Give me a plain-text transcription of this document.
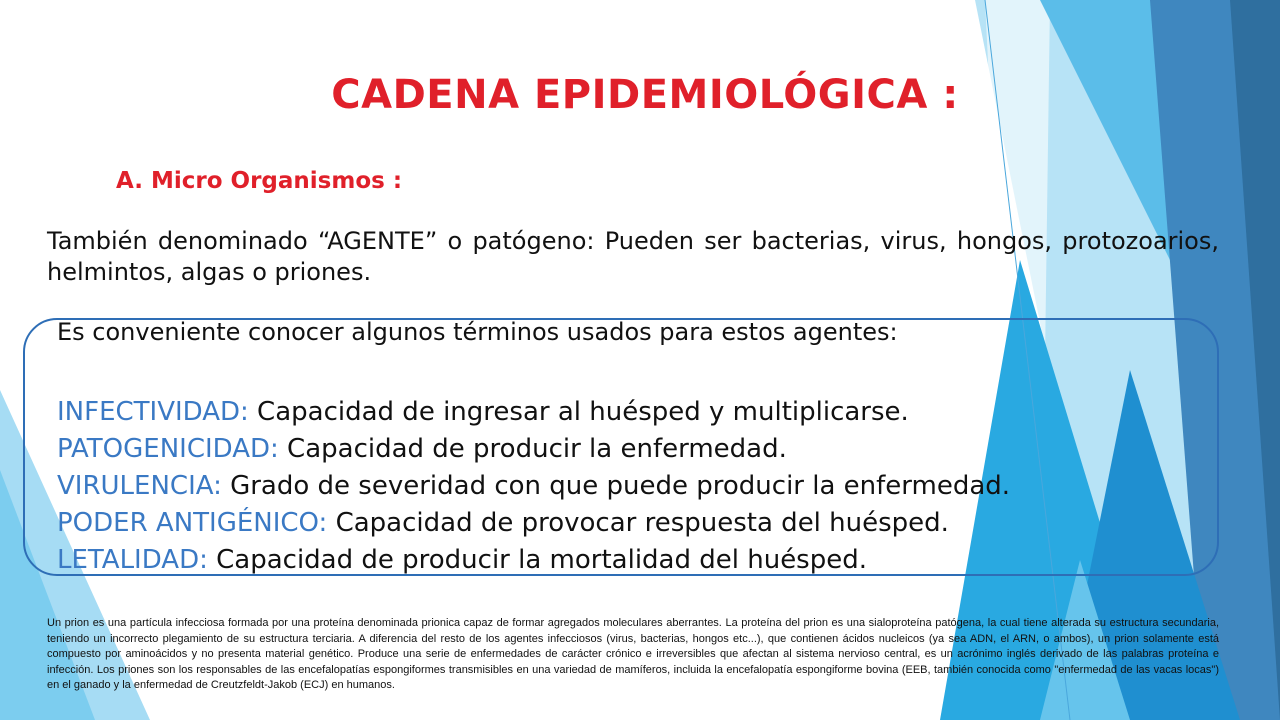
CADENA EPIDEMIOLÓGICA :
A. Micro Organismos :
También denominado “AGENTE” o patógeno: Pueden ser bacterias, virus, hongos, protozoarios, helmintos, algas o priones.
Es conveniente conocer algunos términos usados para estos agentes:
INFECTIVIDAD: Capacidad de ingresar al huésped y multiplicarse.
PATOGENICIDAD: Capacidad de producir la enfermedad.
VIRULENCIA: Grado de severidad con que puede producir la enfermedad.
PODER ANTIGÉNICO: Capacidad de provocar respuesta del huésped.
LETALIDAD: Capacidad de producir la mortalidad del huésped.
Un prion es una partícula infecciosa formada por una proteína denominada prionica capaz de formar agregados moleculares aberrantes. La proteína del prion es una sialoproteína patógena, la cual tiene alterada su estructura secundaria, teniendo un incorrecto plegamiento de su estructura terciaria. A diferencia del resto de los agentes infecciosos (virus, bacterias, hongos etc...), que contienen ácidos nucleicos (ya sea ADN, el ARN, o ambos), un prion solamente está compuesto por aminoácidos y no presenta material genético. Produce una serie de enfermedades de carácter crónico e irreversibles que afectan al sistema nervioso central, es un acrónimo inglés derivado de las palabras proteína e infección. Los priones son los responsables de las encefalopatías espongiformes transmisibles en una variedad de mamíferos, incluida la encefalopatía espongiforme bovina (EEB, también conocida como "enfermedad de las vacas locas") en el ganado y la enfermedad de Creutzfeldt-Jakob (ECJ) en humanos.
